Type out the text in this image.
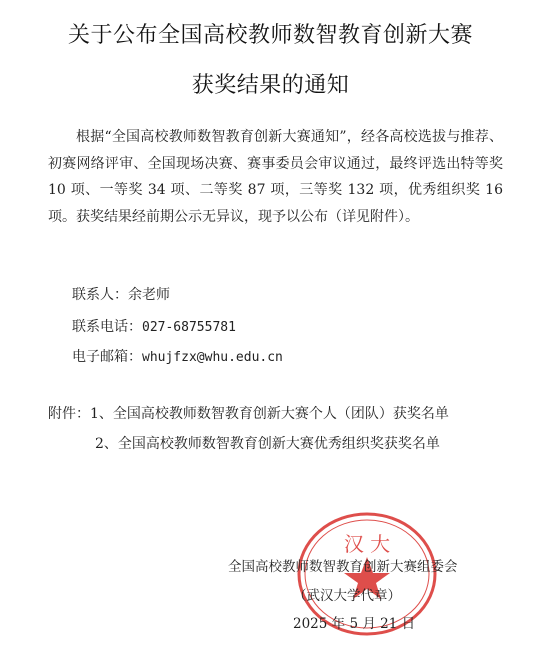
关于公布全国高校教师数智教育创新大赛
获奖结果的通知

根据“全国高校教师数智教育创新大赛通知”，经各高校选拔与推荐、初赛网络评审、全国现场决赛、赛事委员会审议通过，最终评选出特等奖 10 项、一等奖 34 项、二等奖 87 项，三等奖 132 项，优秀组织奖 16 项。获奖结果经前期公示无异议，现予以公布（详见附件）。

联系人：余老师
联系电话：027-68755781
电子邮箱：whujfzx@whu.edu.cn
附件：1、全国高校教师数智教育创新大赛个人（团队）获奖名单
2、全国高校教师数智教育创新大赛优秀组织奖获奖名单
汉 大
全国高校教师数智教育创新大赛组委会
（武汉大学代章）
2025 年 5 月 21 日
